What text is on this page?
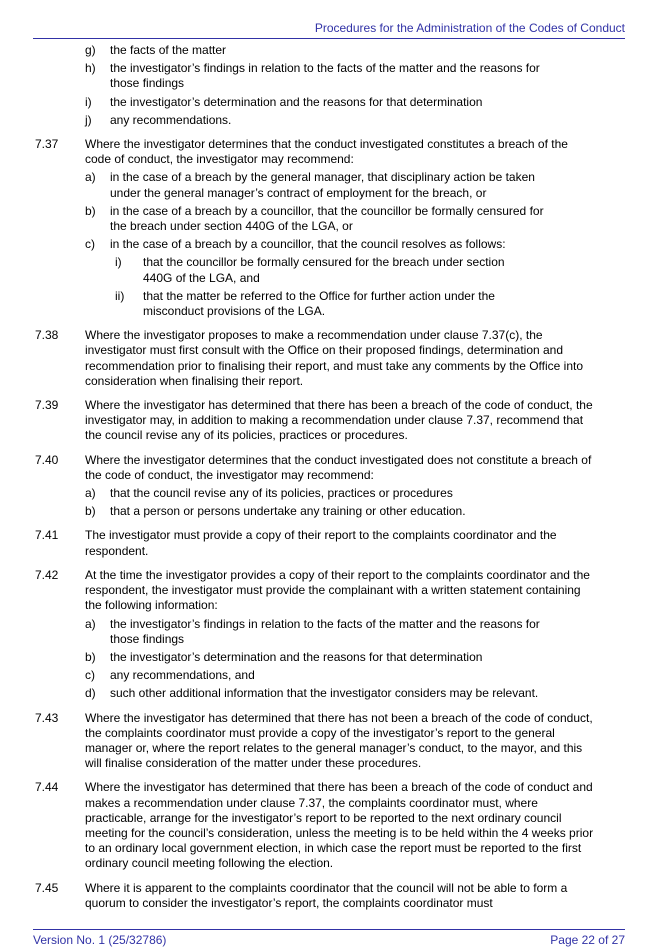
Procedures for the Administration of the Codes of Conduct
g)	the facts of the matter
h)	the investigator’s findings in relation to the facts of the matter and the reasons for those findings
i)	the investigator’s determination and the reasons for that determination
j)	any recommendations.
7.37	Where the investigator determines that the conduct investigated constitutes a breach of the code of conduct, the investigator may recommend:
a)	in the case of a breach by the general manager, that disciplinary action be taken under the general manager’s contract of employment for the breach, or
b)	in the case of a breach by a councillor, that the councillor be formally censured for the breach under section 440G of the LGA, or
c)	in the case of a breach by a councillor, that the council resolves as follows:
i)	that the councillor be formally censured for the breach under section 440G of the LGA, and
ii)	that the matter be referred to the Office for further action under the misconduct provisions of the LGA.
7.38	Where the investigator proposes to make a recommendation under clause 7.37(c), the investigator must first consult with the Office on their proposed findings, determination and recommendation prior to finalising their report, and must take any comments by the Office into consideration when finalising their report.
7.39	Where the investigator has determined that there has been a breach of the code of conduct, the investigator may, in addition to making a recommendation under clause 7.37, recommend that the council revise any of its policies, practices or procedures.
7.40	Where the investigator determines that the conduct investigated does not constitute a breach of the code of conduct, the investigator may recommend:
a)	that the council revise any of its policies, practices or procedures
b)	that a person or persons undertake any training or other education.
7.41	The investigator must provide a copy of their report to the complaints coordinator and the respondent.
7.42	At the time the investigator provides a copy of their report to the complaints coordinator and the respondent, the investigator must provide the complainant with a written statement containing the following information:
a)	the investigator’s findings in relation to the facts of the matter and the reasons for those findings
b)	the investigator’s determination and the reasons for that determination
c)	any recommendations, and
d)	such other additional information that the investigator considers may be relevant.
7.43	Where the investigator has determined that there has not been a breach of the code of conduct, the complaints coordinator must provide a copy of the investigator’s report to the general manager or, where the report relates to the general manager’s conduct, to the mayor, and this will finalise consideration of the matter under these procedures.
7.44	Where the investigator has determined that there has been a breach of the code of conduct and makes a recommendation under clause 7.37, the complaints coordinator must, where practicable, arrange for the investigator’s report to be reported to the next ordinary council meeting for the council’s consideration, unless the meeting is to be held within the 4 weeks prior to an ordinary local government election, in which case the report must be reported to the first ordinary council meeting following the election.
7.45	Where it is apparent to the complaints coordinator that the council will not be able to form a quorum to consider the investigator’s report, the complaints coordinator must
Version No. 1 (25/32786)	Page 22 of 27
